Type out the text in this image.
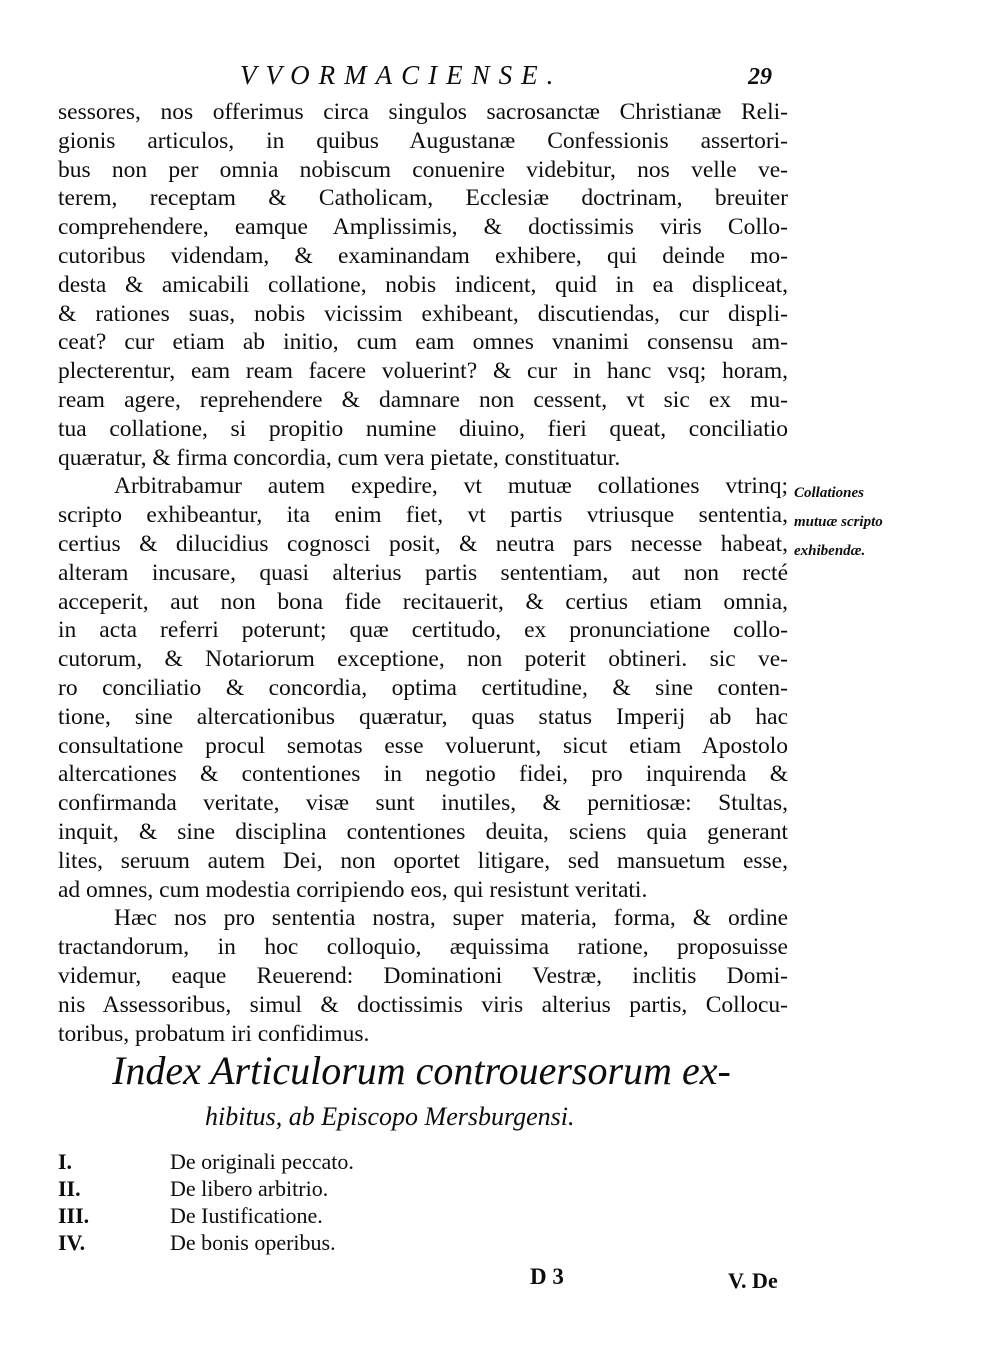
VVORMACIENSE.	29
sessores, nos offerimus circa singulos sacrosanctæ Christianæ Reli-
gionis articulos, in quibus Augustanæ Confessionis assertori-
bus non per omnia nobiscum conuenire videbitur, nos velle ve-
terem, receptam & Catholicam, Ecclesiæ doctrinam, breuiter
comprehendere, eamque Amplissimis, & doctissimis viris Collo-
cutoribus videndam, & examinandam exhibere, qui deinde mo-
desta & amicabili collatione, nobis indicent, quid in ea displiceat,
& rationes suas, nobis vicissim exhibeant, discutiendas, cur displi-
ceat? cur etiam ab initio, cum eam omnes vnanimi consensu am-
plecterentur, eam ream facere voluerint? & cur in hanc vsq; horam,
ream agere, reprehendere & damnare non cessent, vt sic ex mu-
tua collatione, si propitio numine diuino, fieri queat, conciliatio
quæratur, & firma concordia, cum vera pietate, constituatur.
Arbitrabamur autem expedire, vt mutuæ collationes vtrinq;
scripto exhibeantur, ita enim fiet, vt partis vtriusque sententia,
certius & dilucidius cognosci posit, & neutra pars necesse habeat,
alteram incusare, quasi alterius partis sententiam, aut non recté
acceperit, aut non bona fide recitauerit, & certius etiam omnia,
in acta referri poterunt; quæ certitudo, ex pronunciatione collo-
cutorum, & Notariorum exceptione, non poterit obtineri. sic ve-
ro conciliatio & concordia, optima certitudine, & sine conten-
tione, sine altercationibus quæratur, quas status Imperij ab hac
consultatione procul semotas esse voluerunt, sicut etiam Apostolo
altercationes & contentiones in negotio fidei, pro inquirenda &
confirmanda veritate, visæ sunt inutiles, & pernitiosæ: Stultas,
inquit, & sine disciplina contentiones deuita, sciens quia generant
lites, seruum autem Dei, non oportet litigare, sed mansuetum esse,
ad omnes, cum modestia corripiendo eos, qui resistunt veritati.
Hæc nos pro sententia nostra, super materia, forma, & ordine
tractandorum, in hoc colloquio, æquissima ratione, proposuisse
videmur, eaque Reuerend: Dominationi Vestræ, inclitis Domi-
nis Assessoribus, simul & doctissimis viris alterius partis, Collocu-
toribus, probatum iri confidimus.
Collationes
mutuæ scripto
exhibendæ.
Index Articulorum controuersorum ex-
hibitus, ab Episcopo Mersburgensi.
I.	De originali peccato.
II.	De libero arbitrio.
III.	De Iustificatione.
IV.	De bonis operibus.
D 3	V. De
